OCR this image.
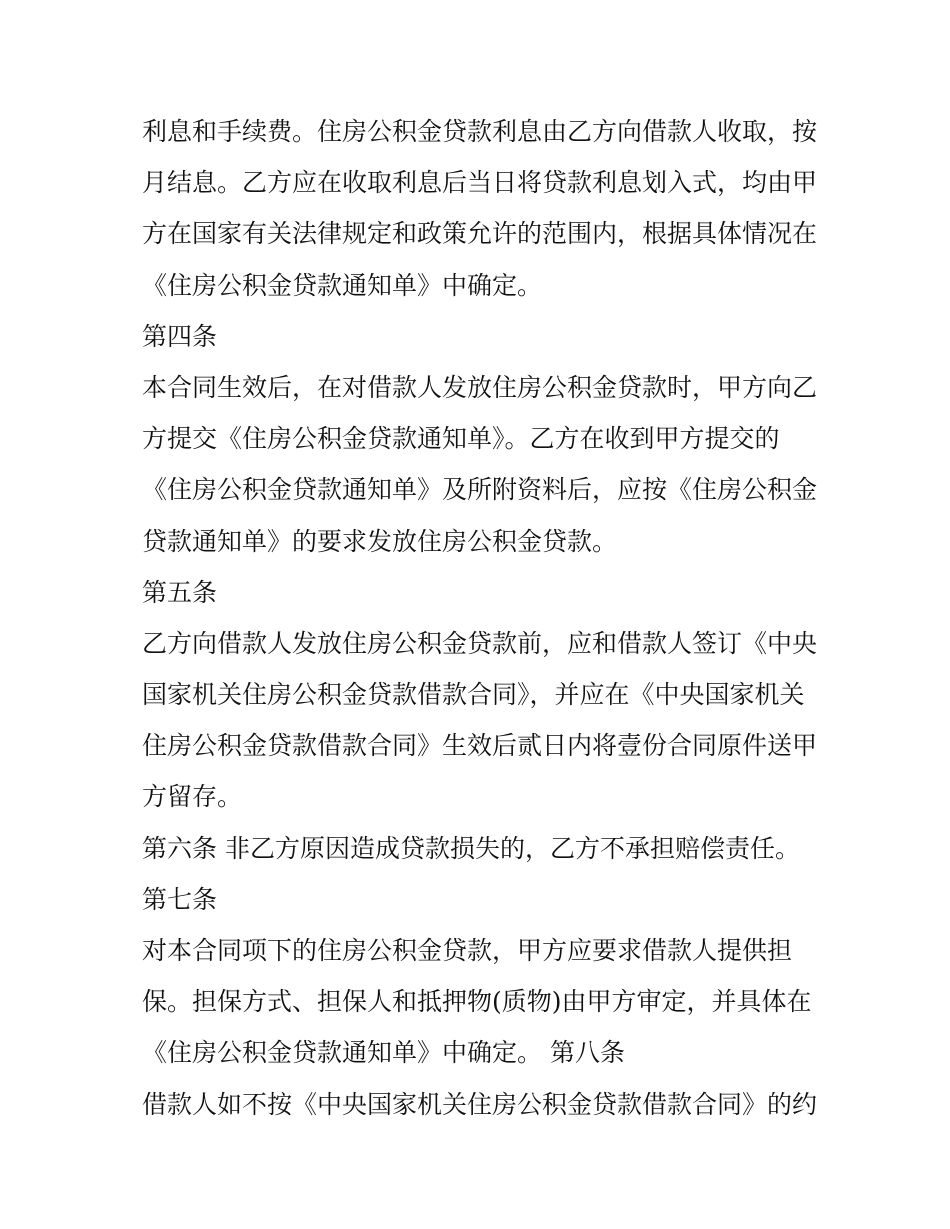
利息和手续费。住房公积金贷款利息由乙方向借款人收取，按
月结息。乙方应在收取利息后当日将贷款利息划入式，均由甲
方在国家有关法律规定和政策允许的范围内，根据具体情况在
《住房公积金贷款通知单》中确定。
第四条
本合同生效后，在对借款人发放住房公积金贷款时，甲方向乙
方提交《住房公积金贷款通知单》。乙方在收到甲方提交的
《住房公积金贷款通知单》及所附资料后，应按《住房公积金
贷款通知单》的要求发放住房公积金贷款。
第五条
乙方向借款人发放住房公积金贷款前，应和借款人签订《中央
国家机关住房公积金贷款借款合同》，并应在《中央国家机关
住房公积金贷款借款合同》生效后贰日内将壹份合同原件送甲
方留存。
第六条 非乙方原因造成贷款损失的，乙方不承担赔偿责任。
第七条
对本合同项下的住房公积金贷款，甲方应要求借款人提供担
保。担保方式、担保人和抵押物(质物)由甲方审定，并具体在
《住房公积金贷款通知单》中确定。 第八条
借款人如不按《中央国家机关住房公积金贷款借款合同》的约
